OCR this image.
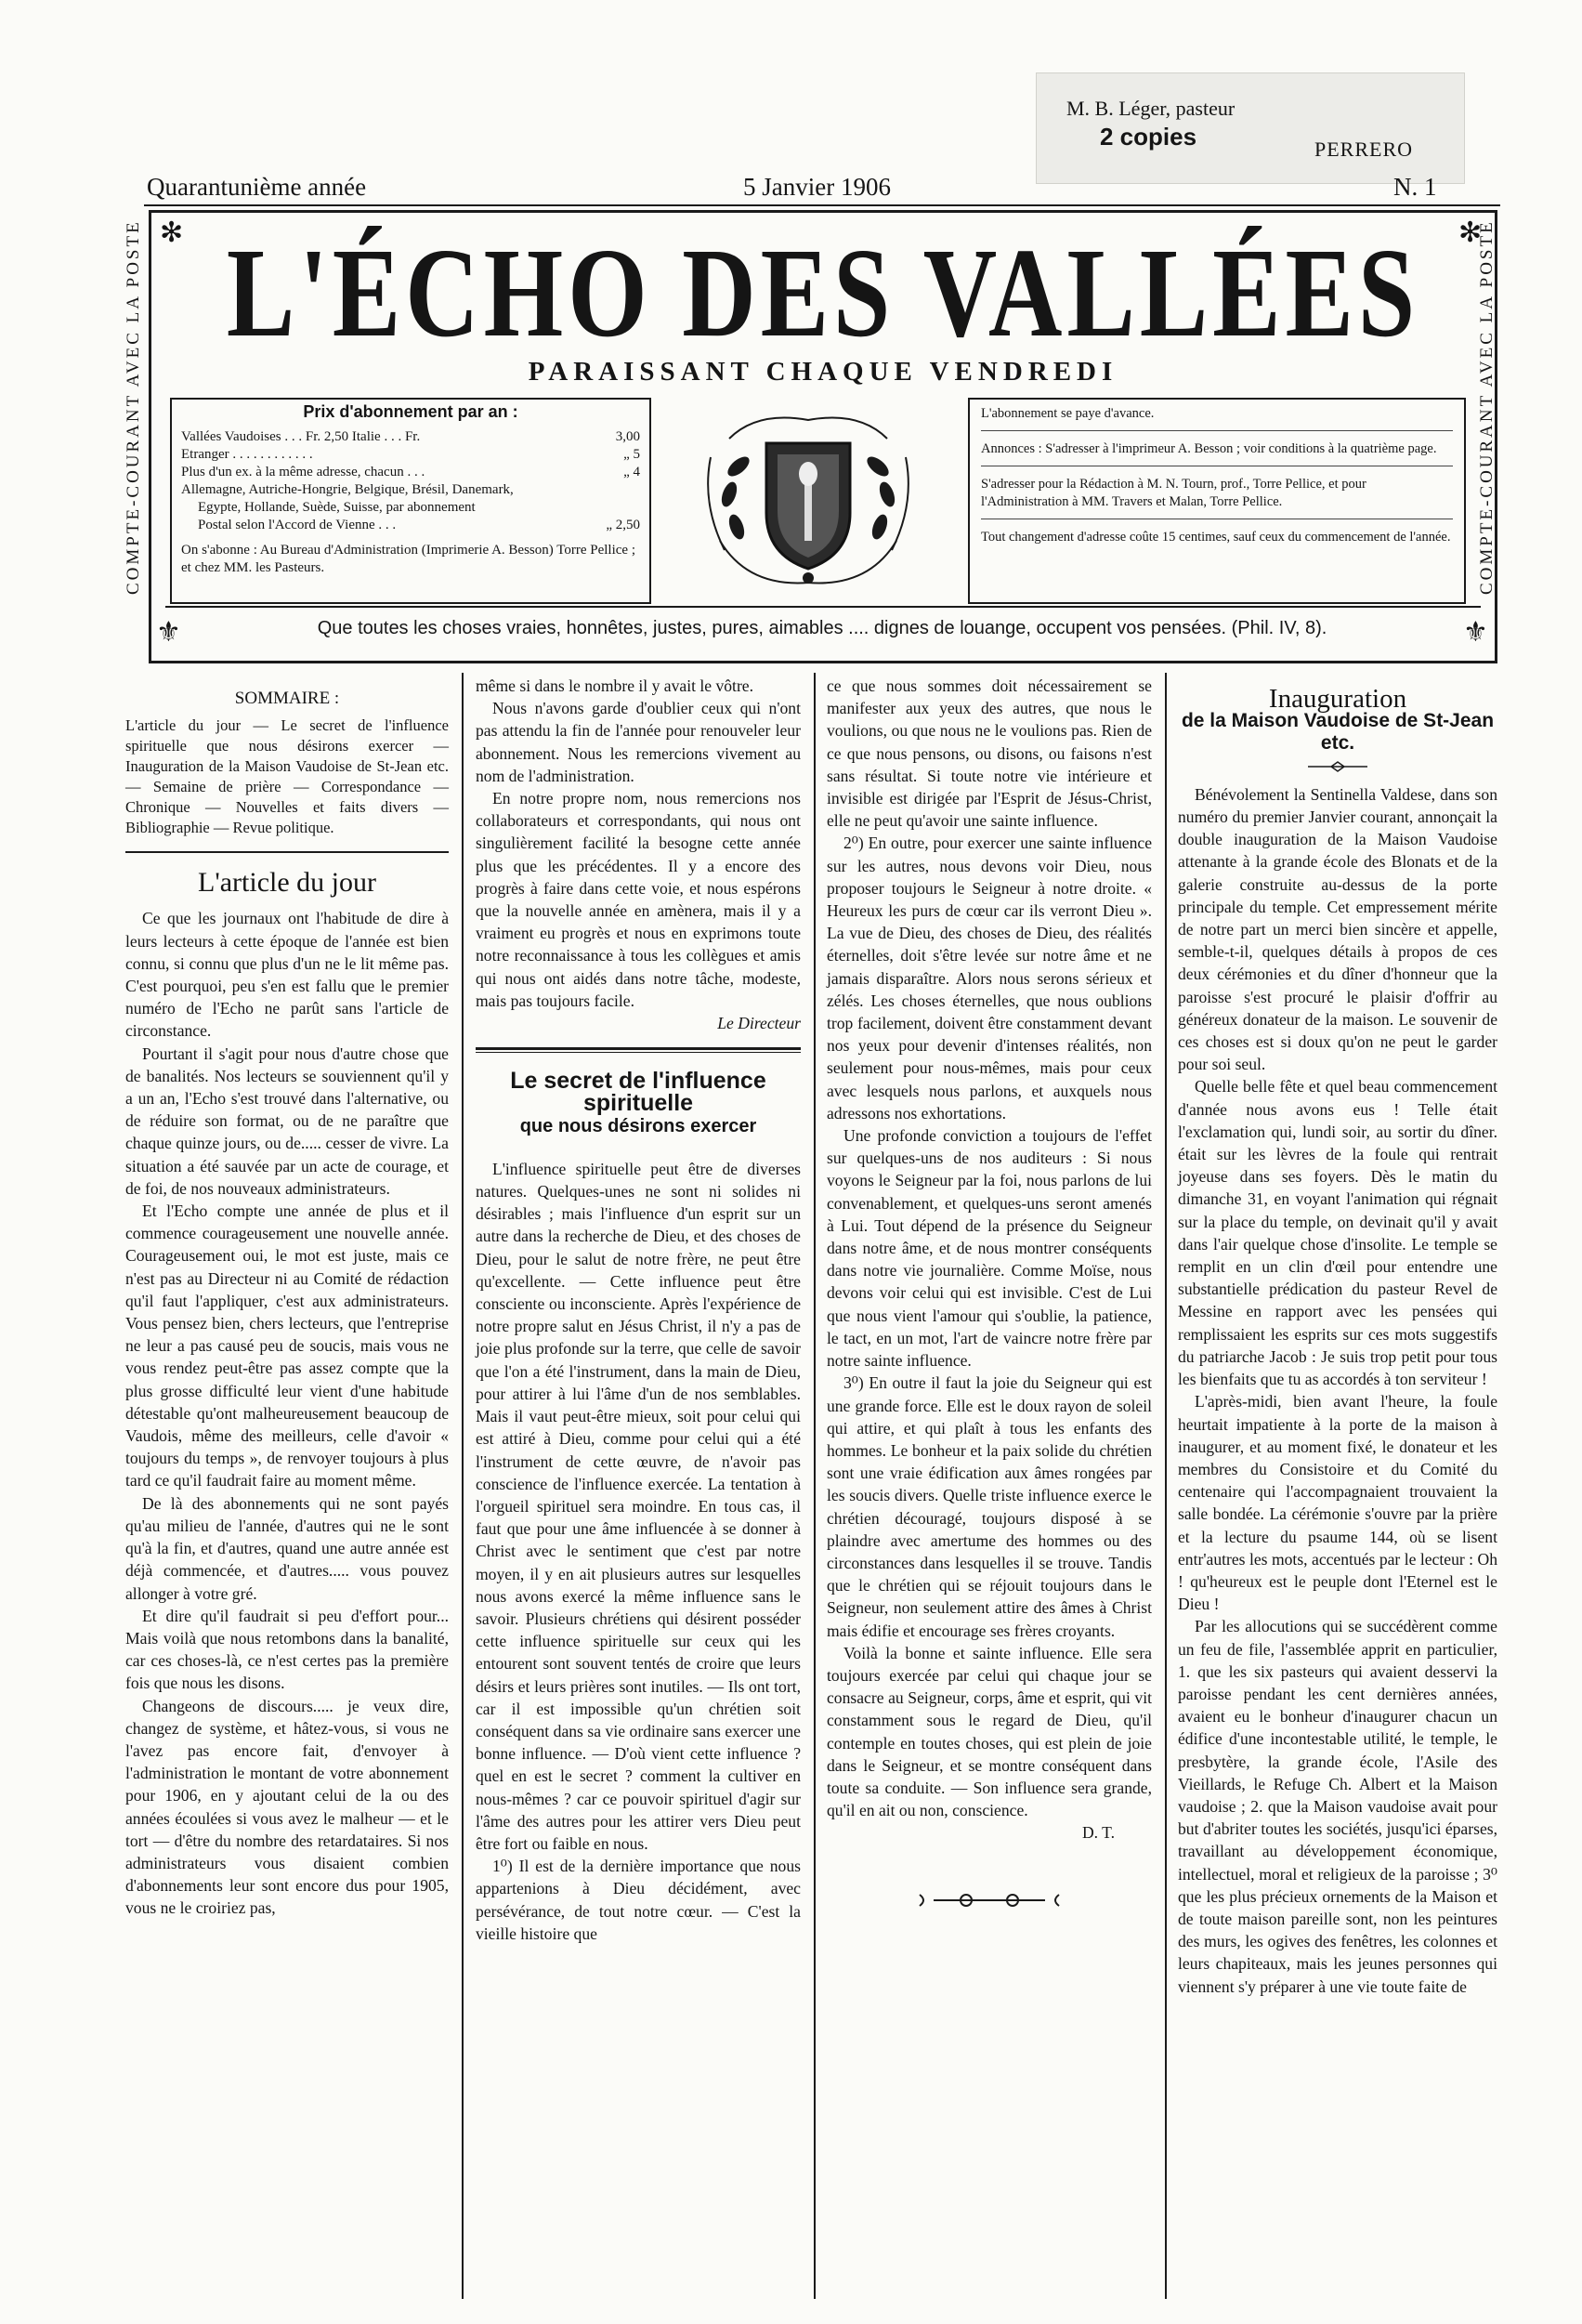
M. B. Léger, pasteur
2 copies	PERRERO
Quarantunième année	5 Janvier 1906	N. 1
✻	✻
⚜	⚜
COMPTE-COURANT AVEC LA POSTE	COMPTE-COURANT AVEC LA POSTE
L'ÉCHO DES VALLÉES
PARAISSANT CHAQUE VENDREDI
Prix d'abonnement par an :
Vallées Vaudoises . . . Fr. 2,50 Italie . . . Fr.	3,00
Etranger . . . . . . . . . . . .	„ 5
Plus d'un ex. à la même adresse, chacun . . .	„ 4
Allemagne, Autriche-Hongrie, Belgique, Brésil, Danemark,
Egypte, Hollande, Suède, Suisse, par abonnement
Postal selon l'Accord de Vienne . . .	„ 2,50
On s'abonne : Au Bureau d'Administration (Imprimerie A. Besson) Torre Pellice ; et chez MM. les Pasteurs.

L'abonnement se paye d'avance.

Annonces : S'adresser à l'imprimeur A. Besson ; voir conditions à la quatrième page.

S'adresser pour la Rédaction à M. N. Tourn, prof., Torre Pellice, et pour l'Administration à MM. Travers et Malan, Torre Pellice.

Tout changement d'adresse coûte 15 centimes, sauf ceux du commencement de l'année.

Que toutes les choses vraies, honnêtes, justes, pures, aimables .... dignes de louange, occupent vos pensées. (Phil. IV, 8).
SOMMAIRE :

L'article du jour — Le secret de l'influence spirituelle que nous désirons exercer — Inauguration de la Maison Vaudoise de St-Jean etc. — Semaine de prière — Correspondance — Chronique — Nouvelles et faits divers — Bibliographie — Revue politique.

L'article du jour

Ce que les journaux ont l'habitude de dire à leurs lecteurs à cette époque de l'année est bien connu, si connu que plus d'un ne le lit même pas. C'est pourquoi, peu s'en est fallu que le premier numéro de l'Echo ne parût sans l'article de circonstance.

Pourtant il s'agit pour nous d'autre chose que de banalités. Nos lecteurs se souviennent qu'il y a un an, l'Echo s'est trouvé dans l'alternative, ou de réduire son format, ou de ne paraître que chaque quinze jours, ou de..... cesser de vivre. La situation a été sauvée par un acte de courage, et de foi, de nos nouveaux administrateurs.

Et l'Echo compte une année de plus et il commence courageusement une nouvelle année. Courageusement oui, le mot est juste, mais ce n'est pas au Directeur ni au Comité de rédaction qu'il faut l'appliquer, c'est aux administrateurs. Vous pensez bien, chers lecteurs, que l'entreprise ne leur a pas causé peu de soucis, mais vous ne vous rendez peut-être pas assez compte que la plus grosse difficulté leur vient d'une habitude détestable qu'ont malheureusement beaucoup de Vaudois, même des meilleurs, celle d'avoir « toujours du temps », de renvoyer toujours à plus tard ce qu'il faudrait faire au moment même.

De là des abonnements qui ne sont payés qu'au milieu de l'année, d'autres qui ne le sont qu'à la fin, et d'autres, quand une autre année est déjà commencée, et d'autres..... vous pouvez allonger à votre gré.

Et dire qu'il faudrait si peu d'effort pour... Mais voilà que nous retombons dans la banalité, car ces choses-là, ce n'est certes pas la première fois que nous les disons.

Changeons de discours..... je veux dire, changez de système, et hâtez-vous, si vous ne l'avez pas encore fait, d'envoyer à l'administration le montant de votre abonnement pour 1906, en y ajoutant celui de la ou des années écoulées si vous avez le malheur — et le tort — d'être du nombre des retardataires. Si nos administrateurs vous disaient combien d'abonnements leur sont encore dus pour 1905, vous ne le croiriez pas,

même si dans le nombre il y avait le vôtre.

Nous n'avons garde d'oublier ceux qui n'ont pas attendu la fin de l'année pour renouveler leur abonnement. Nous les remercions vivement au nom de l'administration.

En notre propre nom, nous remercions nos collaborateurs et correspondants, qui nous ont singulièrement facilité la besogne cette année plus que les précédentes. Il y a encore des progrès à faire dans cette voie, et nous espérons que la nouvelle année en amènera, mais il y a vraiment eu progrès et nous en exprimons toute notre reconnaissance à tous les collègues et amis qui nous ont aidés dans notre tâche, modeste, mais pas toujours facile.

Le Directeur
Le secret de l'influence spirituelle
que nous désirons exercer

L'influence spirituelle peut être de diverses natures. Quelques-unes ne sont ni solides ni désirables ; mais l'influence d'un esprit sur un autre dans la recherche de Dieu, et des choses de Dieu, pour le salut de notre frère, ne peut être qu'excellente. — Cette influence peut être consciente ou inconsciente. Après l'expérience de notre propre salut en Jésus Christ, il n'y a pas de joie plus profonde sur la terre, que celle de savoir que l'on a été l'instrument, dans la main de Dieu, pour attirer à lui l'âme d'un de nos semblables. Mais il vaut peut-être mieux, soit pour celui qui est attiré à Dieu, comme pour celui qui a été l'instrument de cette œuvre, de n'avoir pas conscience de l'influence exercée. La tentation à l'orgueil spirituel sera moindre. En tous cas, il faut que pour une âme influencée à se donner à Christ avec le sentiment que c'est par notre moyen, il y en ait plusieurs autres sur lesquelles nous avons exercé la même influence sans le savoir. Plusieurs chrétiens qui désirent posséder cette influence spirituelle sur ceux qui les entourent sont souvent tentés de croire que leurs désirs et leurs prières sont inutiles. — Ils ont tort, car il est impossible qu'un chrétien soit conséquent dans sa vie ordinaire sans exercer une bonne influence. — D'où vient cette influence ? quel en est le secret ? comment la cultiver en nous-mêmes ? car ce pouvoir spirituel d'agir sur l'âme des autres pour les attirer vers Dieu peut être fort ou faible en nous.

1⁰) Il est de la dernière importance que nous appartenions à Dieu décidément, avec persévérance, de tout notre cœur. — C'est la vieille histoire que

ce que nous sommes doit nécessairement se manifester aux yeux des autres, que nous le voulions, ou que nous ne le voulions pas. Rien de ce que nous pensons, ou disons, ou faisons n'est sans résultat. Si toute notre vie intérieure et invisible est dirigée par l'Esprit de Jésus-Christ, elle ne peut qu'avoir une sainte influence.

2⁰) En outre, pour exercer une sainte influence sur les autres, nous devons voir Dieu, nous proposer toujours le Seigneur à notre droite. « Heureux les purs de cœur car ils verront Dieu ». La vue de Dieu, des choses de Dieu, des réalités éternelles, doit s'être levée sur notre âme et ne jamais disparaître. Alors nous serons sérieux et zélés. Les choses éternelles, que nous oublions trop facilement, doivent être constamment devant nos yeux pour devenir d'intenses réalités, non seulement pour nous-mêmes, mais pour ceux avec lesquels nous parlons, et auxquels nous adressons nos exhortations.

Une profonde conviction a toujours de l'effet sur quelques-uns de nos auditeurs : Si nous voyons le Seigneur par la foi, nous parlons de lui convenablement, et quelques-uns seront amenés à Lui. Tout dépend de la présence du Seigneur dans notre âme, et de nous montrer conséquents dans notre vie journalière. Comme Moïse, nous devons voir celui qui est invisible. C'est de Lui que nous vient l'amour qui s'oublie, la patience, le tact, en un mot, l'art de vaincre notre frère par notre sainte influence.

3⁰) En outre il faut la joie du Seigneur qui est une grande force. Elle est le doux rayon de soleil qui attire, et qui plaît à tous les enfants des hommes. Le bonheur et la paix solide du chrétien sont une vraie édification aux âmes rongées par les soucis divers. Quelle triste influence exerce le chrétien découragé, toujours disposé à se plaindre avec amertume des hommes ou des circonstances dans lesquelles il se trouve. Tandis que le chrétien qui se réjouit toujours dans le Seigneur, non seulement attire des âmes à Christ mais édifie et encourage ses frères croyants.

Voilà la bonne et sainte influence. Elle sera toujours exercée par celui qui chaque jour se consacre au Seigneur, corps, âme et esprit, qui vit constamment sous le regard de Dieu, qu'il contemple en toutes choses, qui est plein de joie dans le Seigneur, et se montre conséquent dans toute sa conduite. — Son influence sera grande, qu'il en ait ou non, conscience.

D. T.
Inauguration
de la Maison Vaudoise de St-Jean etc.

Bénévolement la Sentinella Valdese, dans son numéro du premier Janvier courant, annonçait la double inauguration de la Maison Vaudoise attenante à la grande école des Blonats et de la galerie construite au-dessus de la porte principale du temple. Cet empressement mérite de notre part un merci bien sincère et appelle, semble-t-il, quelques détails à propos de ces deux cérémonies et du dîner d'honneur que la paroisse s'est procuré le plaisir d'offrir au généreux donateur de la maison. Le souvenir de ces choses est si doux qu'on ne peut le garder pour soi seul.

Quelle belle fête et quel beau commencement d'année nous avons eus ! Telle était l'exclamation qui, lundi soir, au sortir du dîner. était sur les lèvres de la foule qui rentrait joyeuse dans ses foyers. Dès le matin du dimanche 31, en voyant l'animation qui régnait sur la place du temple, on devinait qu'il y avait dans l'air quelque chose d'insolite. Le temple se remplit en un clin d'œil pour entendre une substantielle prédication du pasteur Revel de Messine en rapport avec les pensées qui remplissaient les esprits sur ces mots suggestifs du patriarche Jacob : Je suis trop petit pour tous les bienfaits que tu as accordés à ton serviteur !

L'après-midi, bien avant l'heure, la foule heurtait impatiente à la porte de la maison à inaugurer, et au moment fixé, le donateur et les membres du Consistoire et du Comité du centenaire qui l'accompagnaient trouvaient la salle bondée. La cérémonie s'ouvre par la prière et la lecture du psaume 144, où se lisent entr'autres les mots, accentués par le lecteur : Oh ! qu'heureux est le peuple dont l'Eternel est le Dieu !

Par les allocutions qui se succédèrent comme un feu de file, l'assemblée apprit en particulier, 1. que les six pasteurs qui avaient desservi la paroisse pendant les cent dernières années, avaient eu le bonheur d'inaugurer chacun un édifice d'une incontestable utilité, le temple, le presbytère, la grande école, l'Asile des Vieillards, le Refuge Ch. Albert et la Maison vaudoise ; 2. que la Maison vaudoise avait pour but d'abriter toutes les sociétés, jusqu'ici éparses, travaillant au développement économique, intellectuel, moral et religieux de la paroisse ; 3⁰ que les plus précieux ornements de la Maison et de toute maison pareille sont, non les peintures des murs, les ogives des fenêtres, les colonnes et leurs chapiteaux, mais les jeunes personnes qui viennent s'y préparer à une vie toute faite de
